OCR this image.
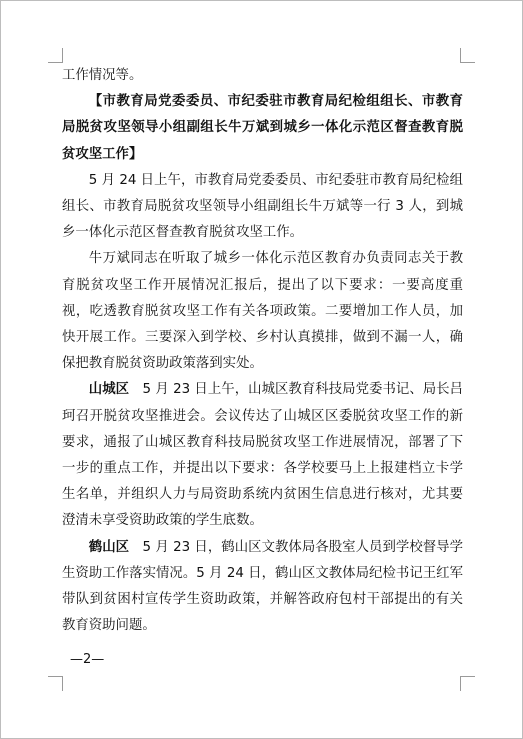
工作情况等。

【市教育局党委委员、市纪委驻市教育局纪检组组长、市教育局脱贫攻坚领导小组副组长牛万斌到城乡一体化示范区督查教育脱贫攻坚工作】

5 月 24 日上午，市教育局党委委员、市纪委驻市教育局纪检组组长、市教育局脱贫攻坚领导小组副组长牛万斌等一行 3 人，到城乡一体化示范区督查教育脱贫攻坚工作。

牛万斌同志在听取了城乡一体化示范区教育办负责同志关于教育脱贫攻坚工作开展情况汇报后，提出了以下要求：一要高度重视，吃透教育脱贫攻坚工作有关各项政策。二要增加工作人员，加快开展工作。三要深入到学校、乡村认真摸排，做到不漏一人，确保把教育脱贫资助政策落到实处。

山城区　5 月 23 日上午，山城区教育科技局党委书记、局长吕珂召开脱贫攻坚推进会。会议传达了山城区区委脱贫攻坚工作的新要求，通报了山城区教育科技局脱贫攻坚工作进展情况，部署了下一步的重点工作，并提出以下要求：各学校要马上上报建档立卡学生名单，并组织人力与局资助系统内贫困生信息进行核对，尤其要澄清未享受资助政策的学生底数。

鹤山区　5 月 23 日，鹤山区文教体局各股室人员到学校督导学生资助工作落实情况。5 月 24 日，鹤山区文教体局纪检书记王红军带队到贫困村宣传学生资助政策，并解答政府包村干部提出的有关教育资助问题。

—2—
